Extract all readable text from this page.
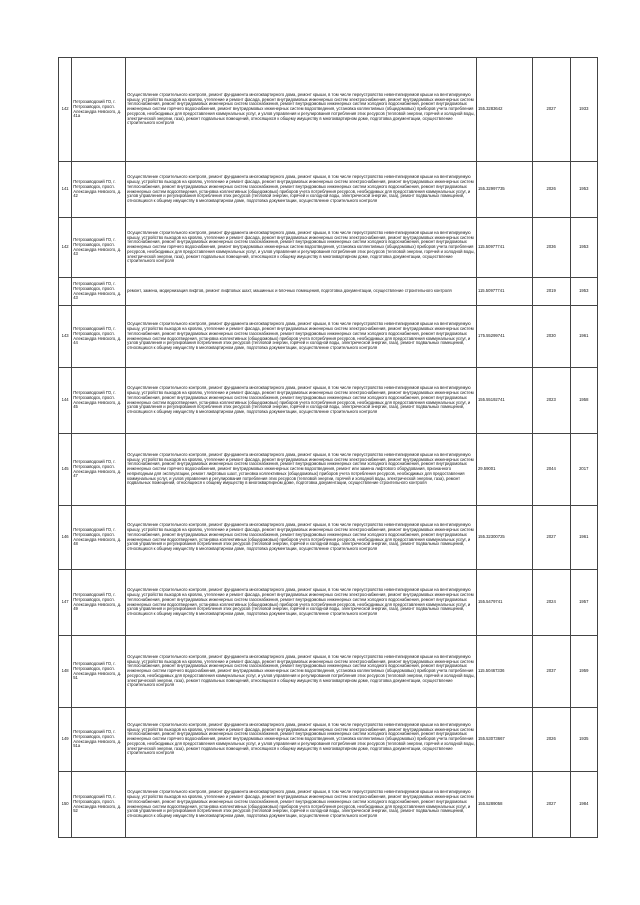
142	Петрозаводский ГО, г. Петрозаводск, просп. Александра Невского, д. 41а	Осуществление строительного контроля, ремонт фундамента многоквартирного дома, ремонт крыши, в том числе переустройство невентилируемой крыши на вентилируемую крышу, устройство выходов на кровлю, утепление и ремонт фасада, ремонт внутридомовых инженерных систем электроснабжения, ремонт внутридомовых инженерных систем теплоснабжения, ремонт внутридомовых инженерных систем газоснабжения, ремонт внутридомовых инженерных систем холодного водоснабжения, ремонт внутридомовых инженерных систем горячего водоснабжения, ремонт внутридомовых инженерных систем водоотведения, установка коллективных (общедомовых) приборов учета потребления ресурсов, необходимых для предоставления коммунальных услуг, и узлов управления и регулирования потребления этих ресурсов (тепловой энергии, горячей и холодной воды, электрической энергии, газа), ремонт подвальных помещений, относящихся к общему имуществу в многоквартирном доме, подготовка документации, осуществление строительного контроля	155.3283642	2027	1933
141	Петрозаводский ГО, г. Петрозаводск, просп. Александра Невского, д. 42	Осуществление строительного контроля, ремонт фундамента многоквартирного дома, ремонт крыши, в том числе переустройство невентилируемой крыши на вентилируемую крышу, устройство выходов на кровлю, утепление и ремонт фасада, ремонт внутридомовых инженерных систем электроснабжения, ремонт внутридомовых инженерных систем теплоснабжения, ремонт внутридомовых инженерных систем газоснабжения, ремонт внутридомовых инженерных систем холодного водоснабжения, ремонт внутридомовых инженерных систем водоотведения, установка коллективных (общедомовых) приборов учета потребления ресурсов, необходимых для предоставления коммунальных услуг, и узлов управления и регулирования потребления этих ресурсов (тепловой энергии, горячей и холодной воды, электрической энергии, газа), ремонт подвальных помещений, относящихся к общему имуществу в многоквартирном доме, подготовка документации, осуществление строительного контроля	155.32997735	2026	1953
142	Петрозаводский ГО, г. Петрозаводск, просп. Александра Невского, д. 43	Осуществление строительного контроля, ремонт фундамента многоквартирного дома, ремонт крыши, в том числе переустройство невентилируемой крыши на вентилируемую крышу, устройство выходов на кровлю, утепление и ремонт фасада, ремонт внутридомовых инженерных систем электроснабжения, ремонт внутридомовых инженерных систем теплоснабжения, ремонт внутридомовых инженерных систем газоснабжения, ремонт внутридомовых инженерных систем холодного водоснабжения, ремонт внутридомовых инженерных систем горячего водоснабжения, ремонт внутридомовых инженерных систем водоотведения, установка коллективных (общедомовых) приборов учета потребления ресурсов, необходимых для предоставления коммунальных услуг, и узлов управления и регулирования потребления этих ресурсов (тепловой энергии, горячей и холодной воды, электрической энергии, газа), ремонт подвальных помещений, относящихся к общему имуществу в многоквартирном доме, подготовка документации, осуществление строительного контроля	115.50977741	2036	1953
	Петрозаводский ГО, г. Петрозаводск, просп. Александра Невского, д. 43	ремонт, замена, модернизация лифтов, ремонт лифтовых шахт, машинных и блочных помещений, подготовка документации, осуществление строительного контроля	115.50977741	2019	1953
143	Петрозаводский ГО, г. Петрозаводск, просп. Александра Невского, д. 44	Осуществление строительного контроля, ремонт фундамента многоквартирного дома, ремонт крыши, в том числе переустройство невентилируемой крыши на вентилируемую крышу, устройство выходов на кровлю, утепление и ремонт фасада, ремонт внутридомовых инженерных систем электроснабжения, ремонт внутридомовых инженерных систем теплоснабжения, ремонт внутридомовых инженерных систем газоснабжения, ремонт внутридомовых инженерных систем холодного водоснабжения, ремонт внутридомовых инженерных систем водоотведения, установка коллективных (общедомовых) приборов учета потребления ресурсов, необходимых для предоставления коммунальных услуг, и узлов управления и регулирования потребления этих ресурсов (тепловой энергии, горячей и холодной воды, электрической энергии, газа), ремонт подвальных помещений, относящихся к общему имуществу в многоквартирном доме, подготовка документации, осуществление строительного контроля	175.55299741	2030	1961
144	Петрозаводский ГО, г. Петрозаводск, просп. Александра Невского, д. 45	Осуществление строительного контроля, ремонт фундамента многоквартирного дома, ремонт крыши, в том числе переустройство невентилируемой крыши на вентилируемую крышу, устройство выходов на кровлю, утепление и ремонт фасада, ремонт внутридомовых инженерных систем электроснабжения, ремонт внутридомовых инженерных систем теплоснабжения, ремонт внутридомовых инженерных систем газоснабжения, ремонт внутридомовых инженерных систем холодного водоснабжения, ремонт внутридомовых инженерных систем водоотведения, установка коллективных (общедомовых) приборов учета потребления ресурсов, необходимых для предоставления коммунальных услуг, и узлов управления и регулирования потребления этих ресурсов (тепловой энергии, горячей и холодной воды, электрической энергии, газа), ремонт подвальных помещений, относящихся к общему имуществу в многоквартирном доме, подготовка документации, осуществление строительного контроля	155.55192741	2023	1958
145	Петрозаводский ГО, г. Петрозаводск, просп. Александра Невского, д. 47	Осуществление строительного контроля, ремонт фундамента многоквартирного дома, ремонт крыши, в том числе переустройство невентилируемой крыши на вентилируемую крышу, устройство выходов на кровлю, утепление и ремонт фасада, ремонт внутридомовых инженерных систем электроснабжения, ремонт внутридомовых инженерных систем теплоснабжения, ремонт внутридомовых инженерных систем газоснабжения, ремонт внутридомовых инженерных систем холодного водоснабжения, ремонт внутридомовых инженерных систем горячего водоснабжения, ремонт внутридомовых инженерных систем водоотведения, ремонт или замена лифтового оборудования, признанного непригодным для эксплуатации, ремонт лифтовых шахт, установка коллективных (общедомовых) приборов учета потребления ресурсов, необходимых для предоставления коммунальных услуг, и узлов управления и регулирования потребления этих ресурсов (тепловой энергии, горячей и холодной воды, электрической энергии, газа), ремонт подвальных помещений, относящихся к общему имуществу в многоквартирном доме, подготовка документации, осуществление строительного контроля	29.59001	2044	2017
146	Петрозаводский ГО, г. Петрозаводск, просп. Александра Невского, д. 48	Осуществление строительного контроля, ремонт фундамента многоквартирного дома, ремонт крыши, в том числе переустройство невентилируемой крыши на вентилируемую крышу, устройство выходов на кровлю, утепление и ремонт фасада, ремонт внутридомовых инженерных систем электроснабжения, ремонт внутридомовых инженерных систем теплоснабжения, ремонт внутридомовых инженерных систем газоснабжения, ремонт внутридомовых инженерных систем холодного водоснабжения, ремонт внутридомовых инженерных систем водоотведения, установка коллективных (общедомовых) приборов учета потребления ресурсов, необходимых для предоставления коммунальных услуг, и узлов управления и регулирования потребления этих ресурсов (тепловой энергии, горячей и холодной воды, электрической энергии, газа), ремонт подвальных помещений, относящихся к общему имуществу в многоквартирном доме, подготовка документации, осуществление строительного контроля	155.32300725	2027	1961
147	Петрозаводский ГО, г. Петрозаводск, просп. Александра Невского, д. 49	Осуществление строительного контроля, ремонт фундамента многоквартирного дома, ремонт крыши, в том числе переустройство невентилируемой крыши на вентилируемую крышу, устройство выходов на кровлю, утепление и ремонт фасада, ремонт внутридомовых инженерных систем электроснабжения, ремонт внутридомовых инженерных систем теплоснабжения, ремонт внутридомовых инженерных систем газоснабжения, ремонт внутридомовых инженерных систем холодного водоснабжения, ремонт внутридомовых инженерных систем водоотведения, установка коллективных (общедомовых) приборов учета потребления ресурсов, необходимых для предоставления коммунальных услуг, и узлов управления и регулирования потребления этих ресурсов (тепловой энергии, горячей и холодной воды, электрической энергии, газа), ремонт подвальных помещений, относящихся к общему имуществу в многоквартирном доме, подготовка документации, осуществление строительного контроля	155.5479741	2024	1957
148	Петрозаводский ГО, г. Петрозаводск, просп. Александра Невского, д. 51	Осуществление строительного контроля, ремонт фундамента многоквартирного дома, ремонт крыши, в том числе переустройство невентилируемой крыши на вентилируемую крышу, устройство выходов на кровлю, утепление и ремонт фасада, ремонт внутридомовых инженерных систем электроснабжения, ремонт внутридомовых инженерных систем теплоснабжения, ремонт внутридомовых инженерных систем газоснабжения, ремонт внутридомовых инженерных систем холодного водоснабжения, ремонт внутридомовых инженерных систем горячего водоснабжения, ремонт внутридомовых инженерных систем водоотведения, установка коллективных (общедомовых) приборов учета потребления ресурсов, необходимых для предоставления коммунальных услуг, и узлов управления и регулирования потребления этих ресурсов (тепловой энергии, горячей и холодной воды, электрической энергии, газа), ремонт подвальных помещений, относящихся к общему имуществу в многоквартирном доме, подготовка документации, осуществление строительного контроля	115.50467336	2037	1959
149	Петрозаводский ГО, г. Петрозаводск, просп. Александра Невского, д. 51а	Осуществление строительного контроля, ремонт фундамента многоквартирного дома, ремонт крыши, в том числе переустройство невентилируемой крыши на вентилируемую крышу, устройство выходов на кровлю, утепление и ремонт фасада, ремонт внутридомовых инженерных систем электроснабжения, ремонт внутридомовых инженерных систем теплоснабжения, ремонт внутридомовых инженерных систем газоснабжения, ремонт внутридомовых инженерных систем холодного водоснабжения, ремонт внутридомовых инженерных систем горячего водоснабжения, ремонт внутридомовых инженерных систем водоотведения, установка коллективных (общедомовых) приборов учета потребления ресурсов, необходимых для предоставления коммунальных услуг, и узлов управления и регулирования потребления этих ресурсов (тепловой энергии, горячей и холодной воды, электрической энергии, газа), ремонт подвальных помещений, относящихся к общему имуществу в многоквартирном доме, подготовка документации, осуществление строительного контроля	155.53073667	2026	1935
150	Петрозаводский ГО, г. Петрозаводск, просп. Александра Невского, д. 52	Осуществление строительного контроля, ремонт фундамента многоквартирного дома, ремонт крыши, в том числе переустройство невентилируемой крыши на вентилируемую крышу, устройство выходов на кровлю, утепление и ремонт фасада, ремонт внутридомовых инженерных систем электроснабжения, ремонт внутридомовых инженерных систем теплоснабжения, ремонт внутридомовых инженерных систем газоснабжения, ремонт внутридомовых инженерных систем холодного водоснабжения, ремонт внутридомовых инженерных систем водоотведения, установка коллективных (общедомовых) приборов учета потребления ресурсов, необходимых для предоставления коммунальных услуг, и узлов управления и регулирования потребления этих ресурсов (тепловой энергии, горячей и холодной воды, электрической энергии, газа), ремонт подвальных помещений, относящихся к общему имуществу в многоквартирном доме, подготовка документации, осуществление строительного контроля	155.5289058	2027	1984
